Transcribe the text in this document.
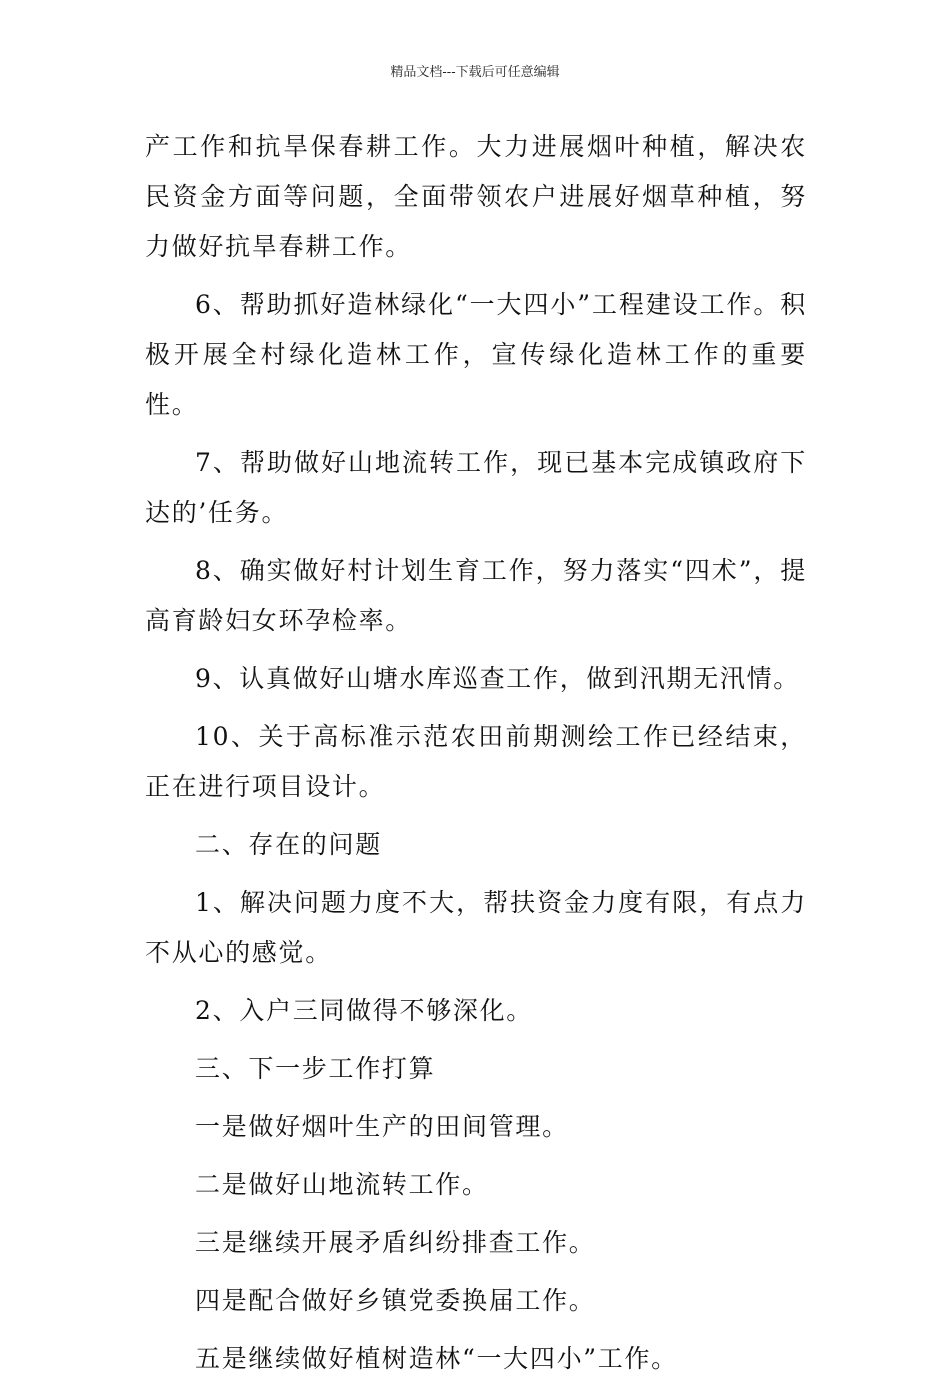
精品文档---下载后可任意编辑

产工作和抗旱保春耕工作。大力进展烟叶种植，解决农民资金方面等问题，全面带领农户进展好烟草种植，努力做好抗旱春耕工作。

6、帮助抓好造林绿化“一大四小”工程建设工作。积极开展全村绿化造林工作，宣传绿化造林工作的重要性。

7、帮助做好山地流转工作，现已基本完成镇政府下达的’任务。

8、确实做好村计划生育工作，努力落实“四术”，提高育龄妇女环孕检率。

9、认真做好山塘水库巡查工作，做到汛期无汛情。

10、关于高标准示范农田前期测绘工作已经结束，正在进行项目设计。

二、存在的问题

1、解决问题力度不大，帮扶资金力度有限，有点力不从心的感觉。

2、入户三同做得不够深化。

三、下一步工作打算

一是做好烟叶生产的田间管理。

二是做好山地流转工作。

三是继续开展矛盾纠纷排查工作。

四是配合做好乡镇党委换届工作。

五是继续做好植树造林“一大四小”工作。
